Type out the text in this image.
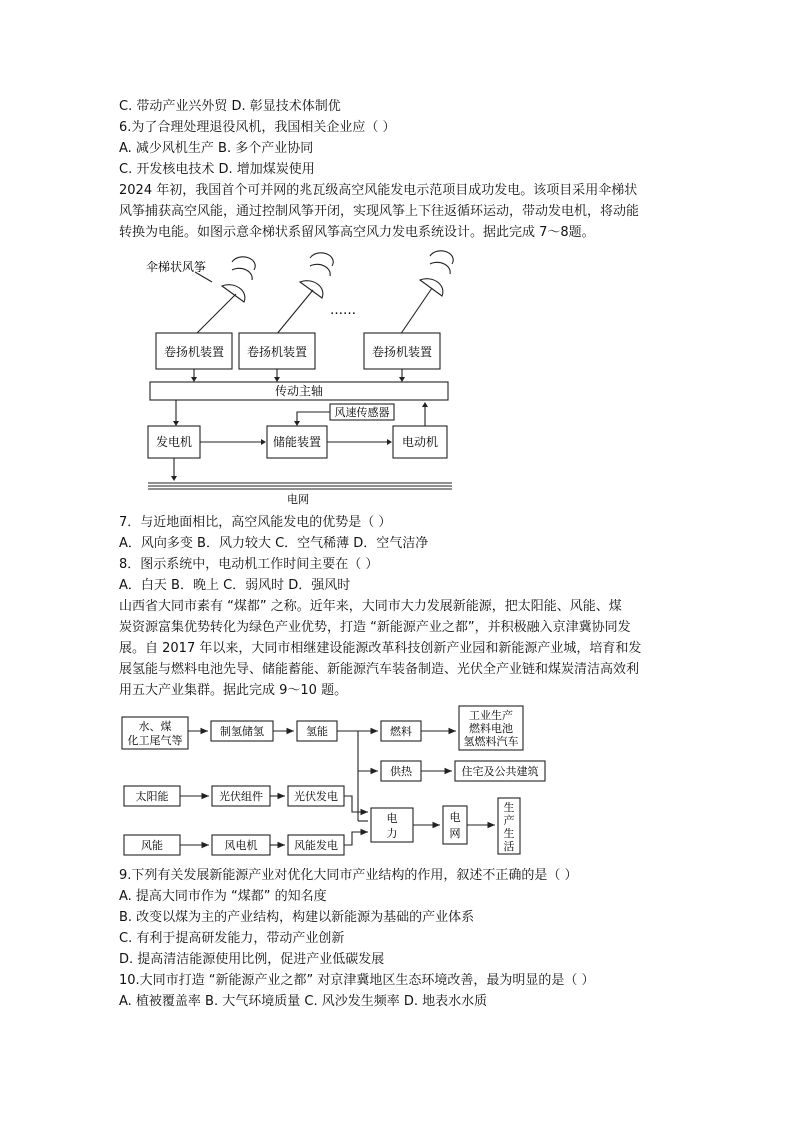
C. 带动产业兴外贸 D. 彰显技术体制优
6.为了合理处理退役风机，我国相关企业应（ ）
A. 减少风机生产 B. 多个产业协同
C. 开发核电技术 D. 增加煤炭使用
2024 年初，我国首个可并网的兆瓦级高空风能发电示范项目成功发电。该项目采用伞梯状
风筝捕获高空风能，通过控制风筝开闭，实现风筝上下往返循环运动，带动发电机，将动能
转换为电能。如图示意伞梯状系留风筝高空风力发电系统设计。据此完成 7～8题。
伞梯状风筝
……
卷扬机装置 卷扬机装置	卷扬机装置
传动主轴
风速传感器
发电机	储能装置	电动机
电网
7．与近地面相比，高空风能发电的优势是（ ）
A．风向多变 B．风力较大 C．空气稀薄 D．空气洁净
8．图示系统中，电动机工作时间主要在（ ）
A．白天 B．晚上 C．弱风时 D．强风时
山西省大同市素有 “煤都” 之称。近年来，大同市大力发展新能源，把太阳能、风能、煤
炭资源富集优势转化为绿色产业优势，打造 “新能源产业之都”，并积极融入京津冀协同发
展。自 2017 年以来，大同市相继建设能源改革科技创新产业园和新能源产业城，培育和发
展氢能与燃料电池先导、储能蓄能、新能源汽车装备制造、光伏全产业链和煤炭清洁高效利
用五大产业集群。据此完成 9～10 题。
水、煤
化工尾气等
制氢储氢	氢能	燃料
工业生产
燃料电池
氢燃料汽车
供热	住宅及公共建筑
太阳能	光伏组件	光伏发电
电
力
电
网
生
产
生
活
风能	风电机	风能发电
9.下列有关发展新能源产业对优化大同市产业结构的作用，叙述不正确的是（ ）
A. 提高大同市作为 “煤都” 的知名度
B. 改变以煤为主的产业结构，构建以新能源为基础的产业体系
C. 有利于提高研发能力，带动产业创新
D. 提高清洁能源使用比例，促进产业低碳发展
10.大同市打造 “新能源产业之都” 对京津冀地区生态环境改善，最为明显的是（ ）
A. 植被覆盖率 B. 大气环境质量 C. 风沙发生频率 D. 地表水水质
